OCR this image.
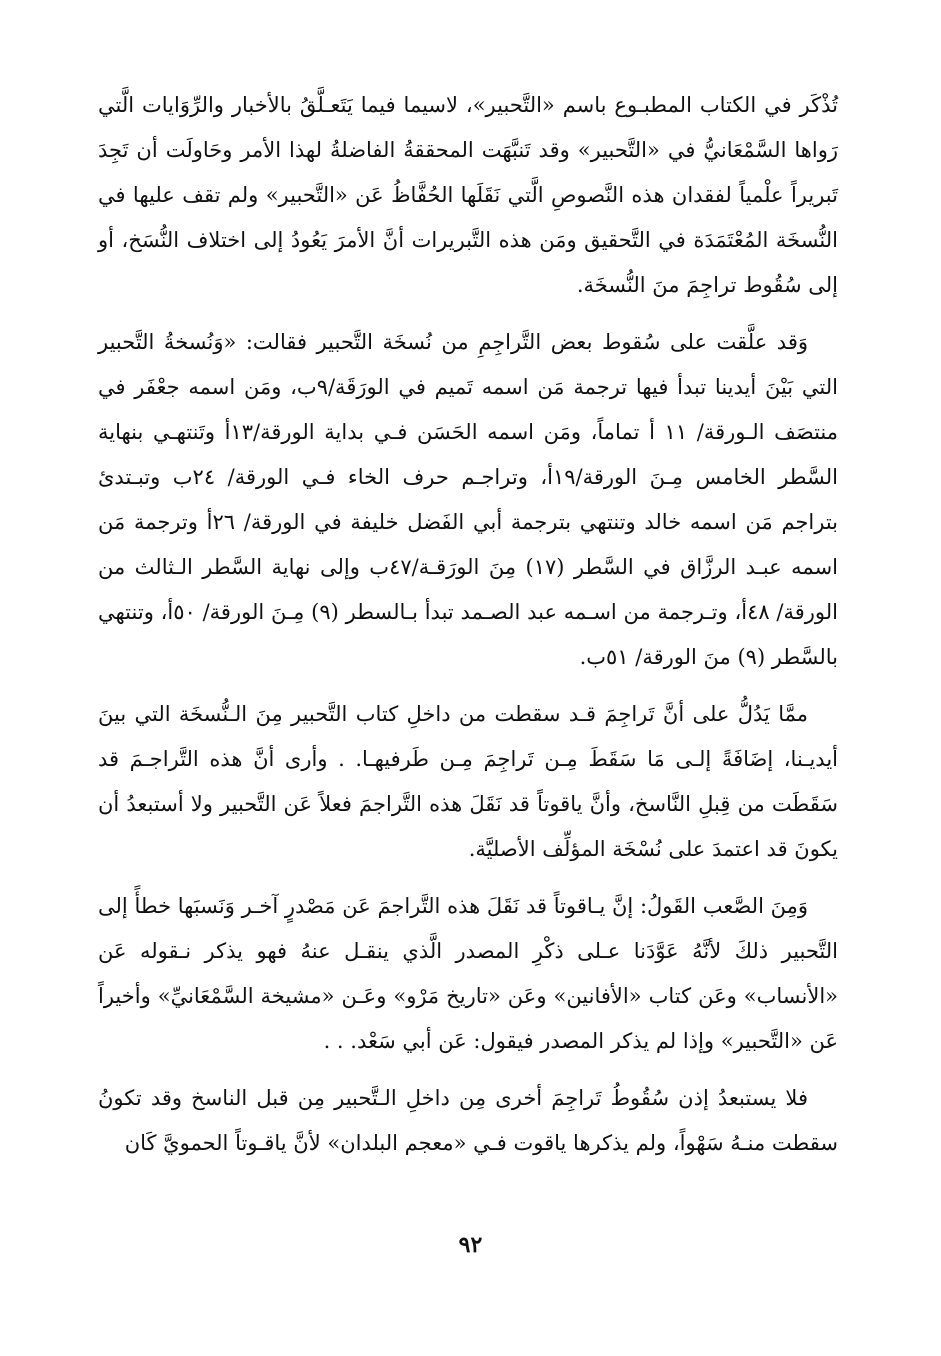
تُذْكَر في الكتاب المطبـوع باسم «التَّحبير»، لاسيما فيما يَتَعـلَّقُ بالأخبار والرِّوَايات الَّتي رَواها السَّمْعَانيُّ في «التَّحبير» وقد تَنبَّهَت المحققةُ الفاضلةُ لهذا الأمر وحَاولَت أن تَجِدَ تَبريراً علْمياً لفقدان هذه النَّصوصِ الَّتي نَقَلَها الحُفَّاظُ عَن «التَّحبير» ولم تقف عليها في النُّسخَة المُعْتَمَدَة في التَّحقيق ومَن هذه التَّبريرات أنَّ الأمرَ يَعُودُ إلى اختلاف النُّسَخ، أو إلى سُقُوط تراجِمَ منَ النُّسخَة.

وَقد علَّقت على سُقوط بعض التَّراجِمِ من نُسخَة التَّحبير فقالت: «وَنُسخةُ التَّحبير التي بَيْنَ أيدينا تبدأ فيها ترجمة مَن اسمه تَميم في الورَقَة/٩ب، ومَن اسمه جعْفَر في منتصَف الـورقة/ ١١ أ تماماً، ومَن اسمه الحَسَن فـي بداية الورقة/١٣أ وتَنتهـي بنهاية السَّطر الخامس مِـنَ الورقة/١٩أ، وتراجـم حرف الخاء فـي الورقة/ ٢٤ب وتبـتدئ بتراجم مَن اسمه خالد وتنتهي بترجمة أبي الفَضل خليفة في الورقة/ ٢٦أ وترجمة مَن اسمه عبـد الرزَّاق في السَّطر (١٧) مِنَ الورَقـة/٤٧ب وإلى نهاية السَّطر الـثالث من الورقة/ ٤٨أ، وتـرجمة من اسـمه عبد الصـمد تبدأ بـالسطر (٩) مِـنَ الورقة/ ٥٠أ، وتنتهي بالسَّطر (٩) منَ الورقة/ ٥١ب.

ممَّا يَدُلُّ على أنَّ تَراجِمَ قـد سقطت من داخلِ كتاب التَّحبير مِنَ الـنُّسخَة التي بينَ أيديـنا، إضَافَةً إلـى مَا سَقَطَ مِـن تَراجِمَ مِـن طَرفيهـا. . وأرى أنَّ هذه التَّراجـمَ قد سَقَطَت من قِبلِ النَّاسخ، وأنَّ ياقوتاً قد نَقَلَ هذه التَّراجمَ فعلاً عَن التَّحبير ولا أستبعدُ أن يكونَ قد اعتمدَ على نُسْخَة المؤلِّف الأصليَّة.

وَمِنَ الصَّعب القَولُ: إنَّ يـاقوتاً قد نَقَلَ هذه التَّراجمَ عَن مَصْدرٍ آخـر وَنَسبَها خطأً إلى التَّحبير ذلكَ لأنَّهُ عَوَّدَنا عـلى ذكْرِ المصدر الَّذي ينقـل عنهُ فهو يذكر نـقوله عَن «الأنساب» وعَن كتاب «الأفانين» وعَن «تاريخ مَرْو» وعَـن «مشيخة السَّمْعَانيِّ» وأخيراً عَن «التَّحبير» وإذا لم يذكر المصدر فيقول: عَن أبي سَعْد. . .

فلا يستبعدُ إذن سُقُوطُ تَراجِمَ أخرى مِن داخلِ الـتَّحبير مِن قبل الناسخ وقد تكونُ سقطت منـهُ سَهْواً، ولم يذكرها ياقوت فـي «معجم البلدان» لأنَّ ياقـوتاً الحمويَّ كَان

٩٢
